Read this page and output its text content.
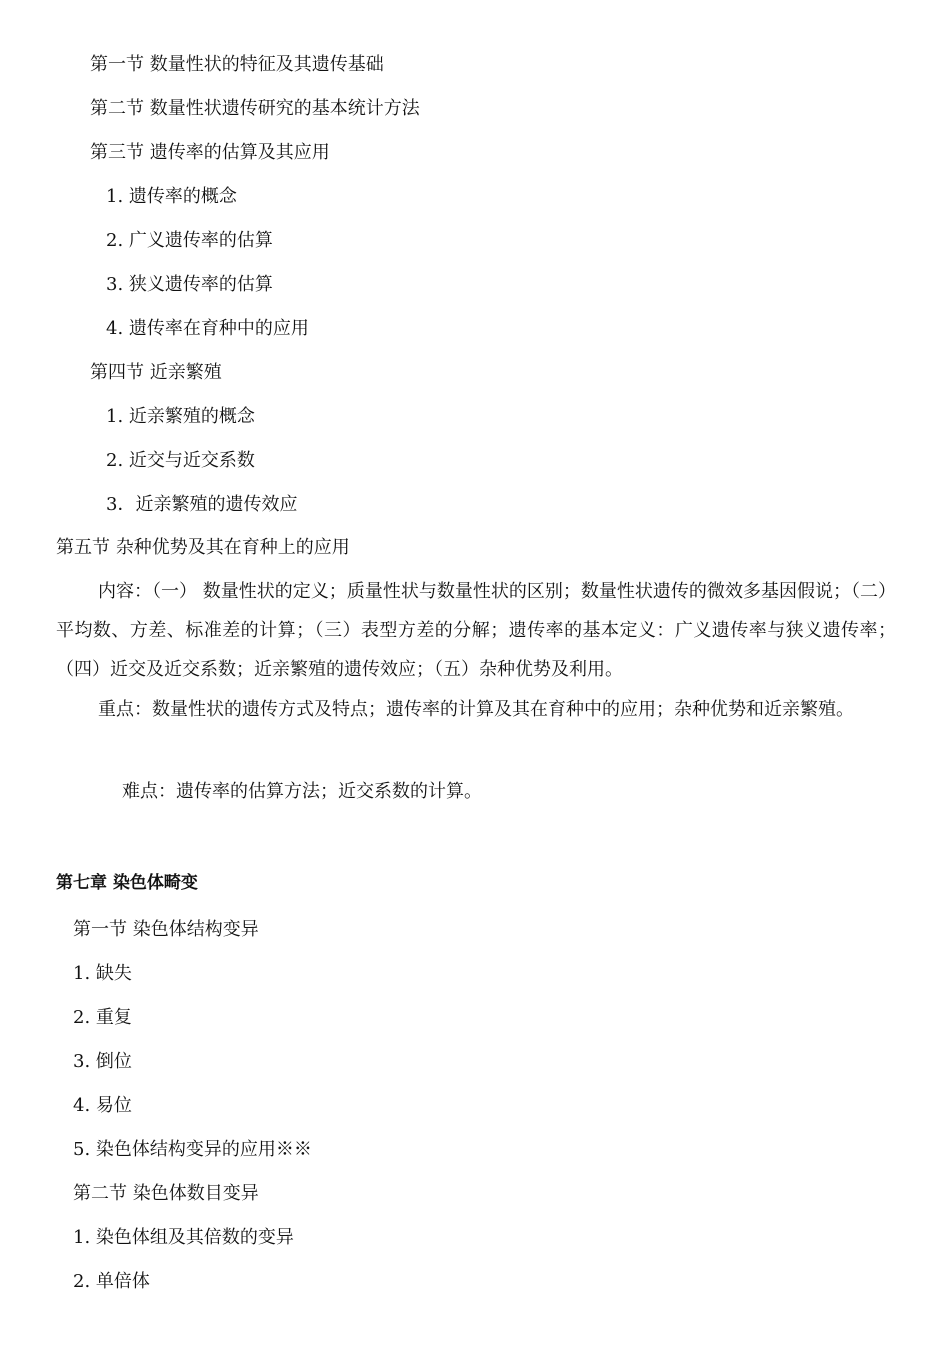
第一节 数量性状的特征及其遗传基础
第二节 数量性状遗传研究的基本统计方法
第三节 遗传率的估算及其应用
1. 遗传率的概念
2. 广义遗传率的估算
3. 狭义遗传率的估算
4. 遗传率在育种中的应用
第四节 近亲繁殖
1. 近亲繁殖的概念
2. 近交与近交系数
3．近亲繁殖的遗传效应
第五节 杂种优势及其在育种上的应用
内容：（一） 数量性状的定义；质量性状与数量性状的区别；数量性状遗传的微效多基因假说；（二）平均数、方差、标准差的计算；（三）表型方差的分解；遗传率的基本定义：广义遗传率与狭义遗传率；（四）近交及近交系数；近亲繁殖的遗传效应；（五）杂种优势及利用。
重点：数量性状的遗传方式及特点；遗传率的计算及其在育种中的应用；杂种优势和近亲繁殖。
难点：遗传率的估算方法；近交系数的计算。
第七章 染色体畸变
第一节 染色体结构变异
1. 缺失
2. 重复
3. 倒位
4. 易位
5. 染色体结构变异的应用※※
第二节 染色体数目变异
1. 染色体组及其倍数的变异
2. 单倍体
